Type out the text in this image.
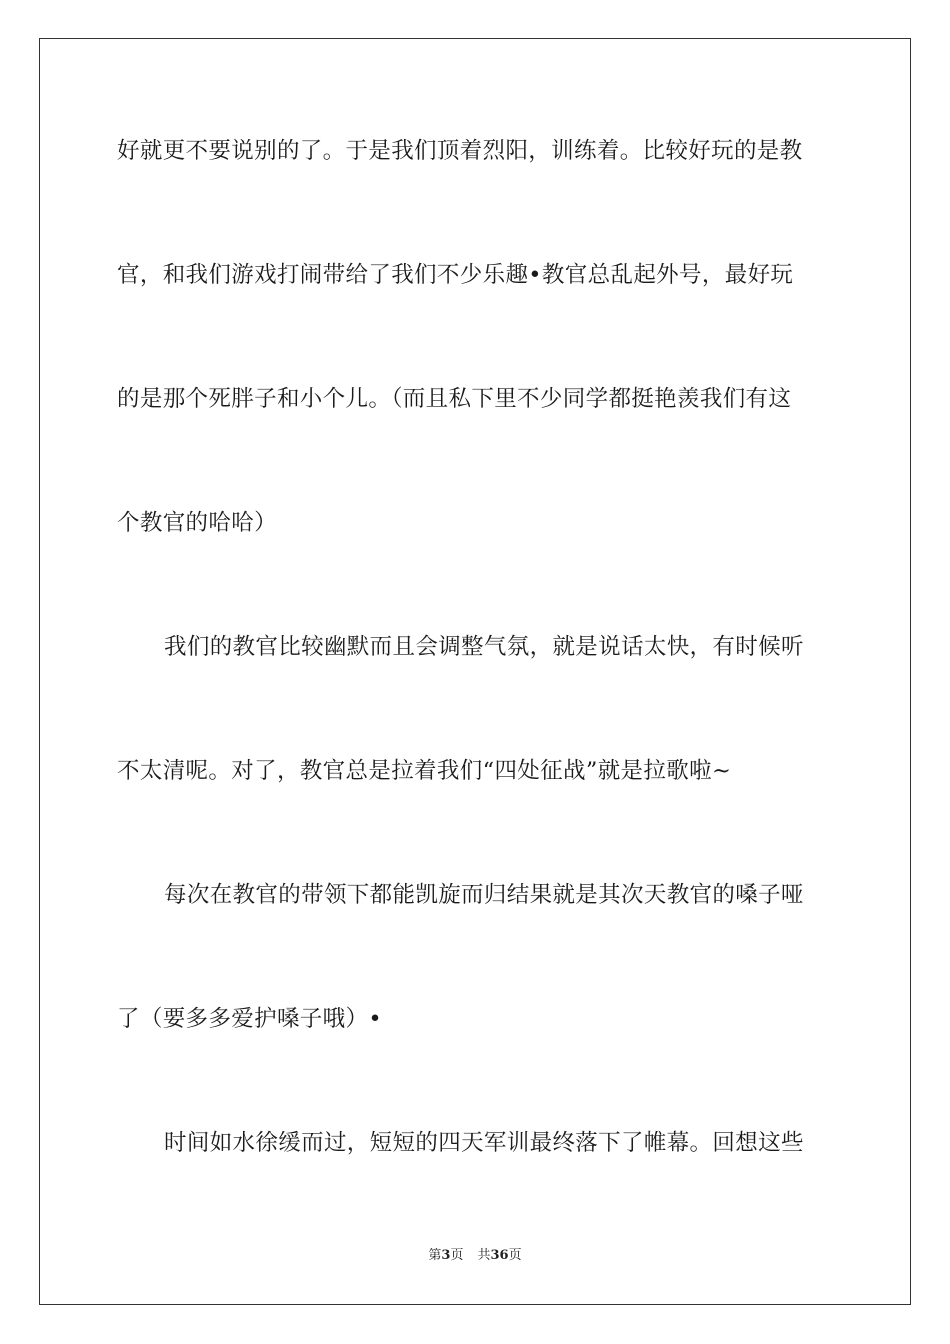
好就更不要说别的了。于是我们顶着烈阳，训练着。比较好玩的是教
官，和我们游戏打闹带给了我们不少乐趣•教官总乱起外号，最好玩
的是那个死胖子和小个儿。（而且私下里不少同学都挺艳羡我们有这
个教官的哈哈）
我们的教官比较幽默而且会调整气氛，就是说话太快，有时候听
不太清呢。对了，教官总是拉着我们“四处征战”就是拉歌啦~
每次在教官的带领下都能凯旋而归结果就是其次天教官的嗓子哑
了（要多多爱护嗓子哦）•
时间如水徐缓而过，短短的四天军训最终落下了帷幕。回想这些
第3页 共36页
